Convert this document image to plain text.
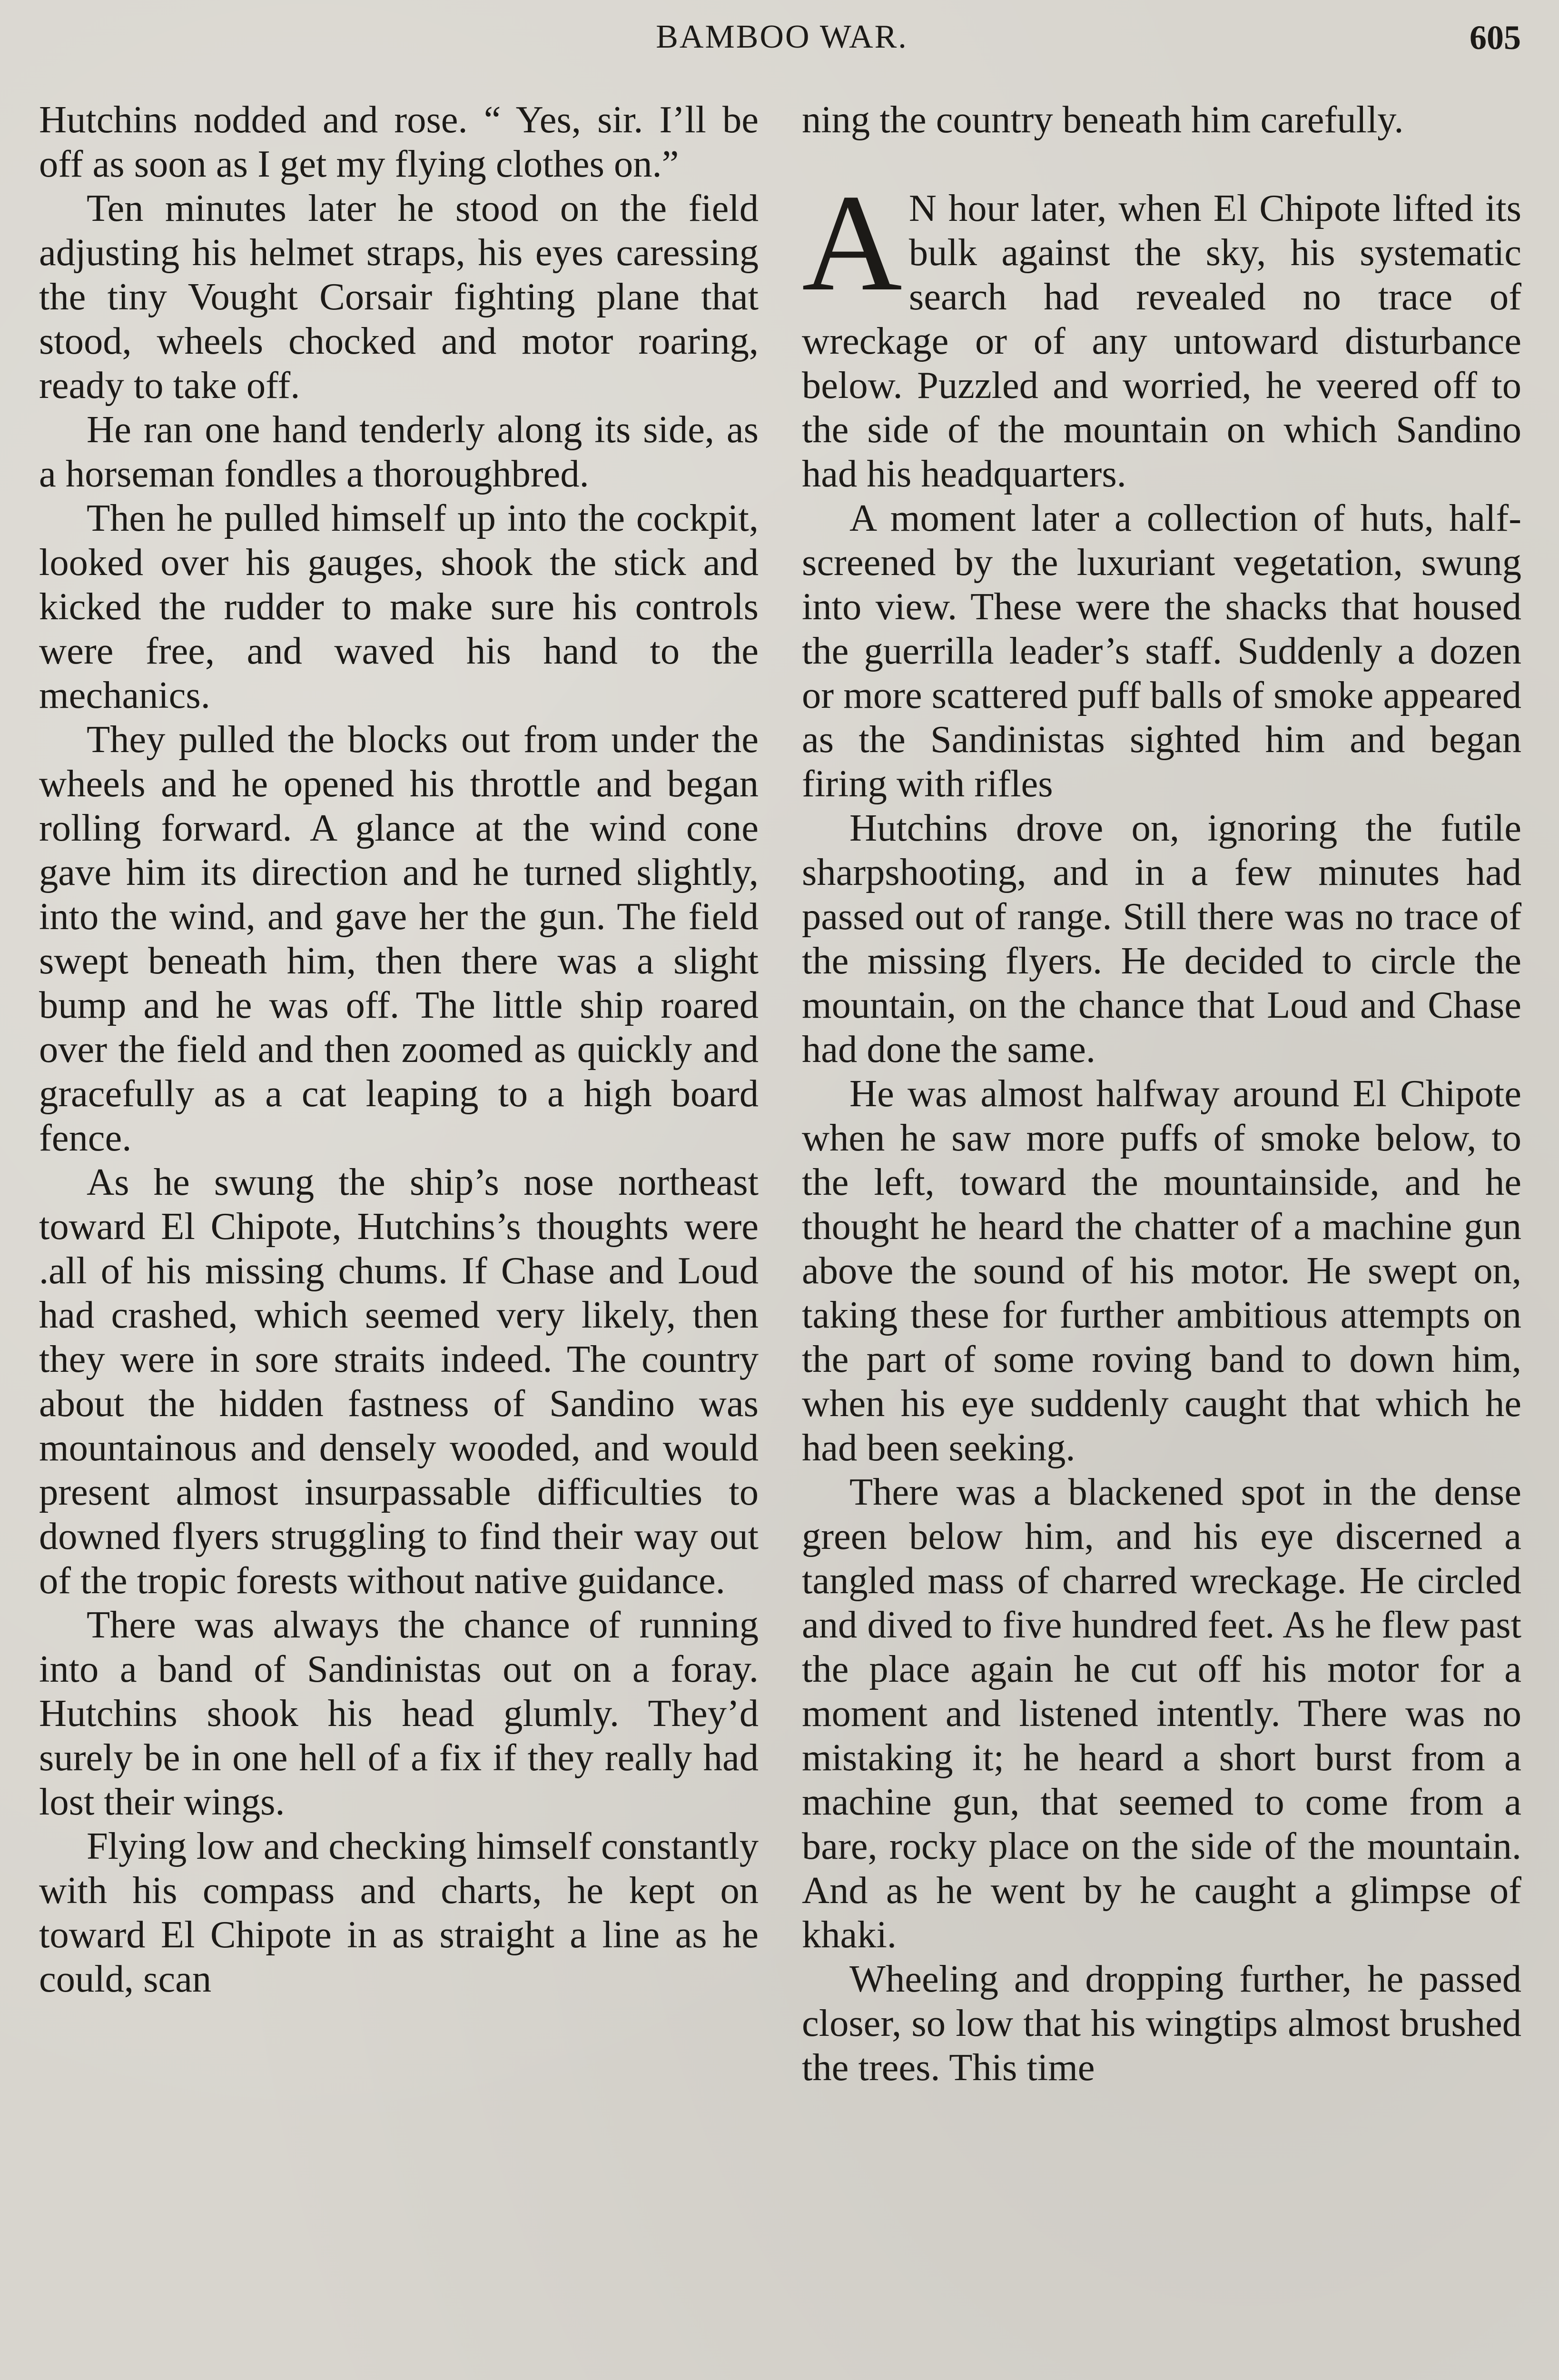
BAMBOO WAR.	605

Hutchins nodded and rose. “ Yes, sir. I’ll be off as soon as I get my flying clothes on.”

Ten minutes later he stood on the field adjusting his helmet straps, his eyes caressing the tiny Vought Corsair fighting plane that stood, wheels chocked and motor roaring, ready to take off.

He ran one hand tenderly along its side, as a horseman fondles a thoroughbred.

Then he pulled himself up into the cockpit, looked over his gauges, shook the stick and kicked the rudder to make sure his controls were free, and waved his hand to the mechanics.

They pulled the blocks out from under the wheels and he opened his throttle and began rolling forward. A glance at the wind cone gave him its direction and he turned slightly, into the wind, and gave her the gun. The field swept beneath him, then there was a slight bump and he was off. The little ship roared over the field and then zoomed as quickly and gracefully as a cat leaping to a high board fence.

As he swung the ship’s nose northeast toward El Chipote, Hutchins’s thoughts were .all of his missing chums. If Chase and Loud had crashed, which seemed very likely, then they were in sore straits indeed. The country about the hidden fastness of Sandino was mountainous and densely wooded, and would present almost insurpassable difficulties to downed flyers struggling to find their way out of the tropic forests without native guidance.

There was always the chance of running into a band of Sandinistas out on a foray. Hutchins shook his head glumly. They’d surely be in one hell of a fix if they really had lost their wings.

Flying low and checking himself constantly with his compass and charts, he kept on toward El Chipote in as straight a line as he could, scan

ning the country beneath him carefully.

A N hour later, when El Chipote lifted its bulk against the sky, his systematic search had revealed no trace of wreckage or of any untoward disturbance below. Puzzled and worried, he veered off to the side of the mountain on which Sandino had his headquarters.

A moment later a collection of huts, half-screened by the luxuriant vegetation, swung into view. These were the shacks that housed the guerrilla leader’s staff. Suddenly a dozen or more scattered puff balls of smoke appeared as the Sandinistas sighted him and began firing with rifles

Hutchins drove on, ignoring the futile sharpshooting, and in a few minutes had passed out of range. Still there was no trace of the missing flyers. He decided to circle the mountain, on the chance that Loud and Chase had done the same.

He was almost halfway around El Chipote when he saw more puffs of smoke below, to the left, toward the mountainside, and he thought he heard the chatter of a machine gun above the sound of his motor. He swept on, taking these for further ambitious attempts on the part of some roving band to down him, when his eye suddenly caught that which he had been seeking.

There was a blackened spot in the dense green below him, and his eye discerned a tangled mass of charred wreckage. He circled and dived to five hundred feet. As he flew past the place again he cut off his motor for a moment and listened intently. There was no mistaking it; he heard a short burst from a machine gun, that seemed to come from a bare, rocky place on the side of the mountain. And as he went by he caught a glimpse of khaki.

Wheeling and dropping further, he passed closer, so low that his wingtips almost brushed the trees. This time
